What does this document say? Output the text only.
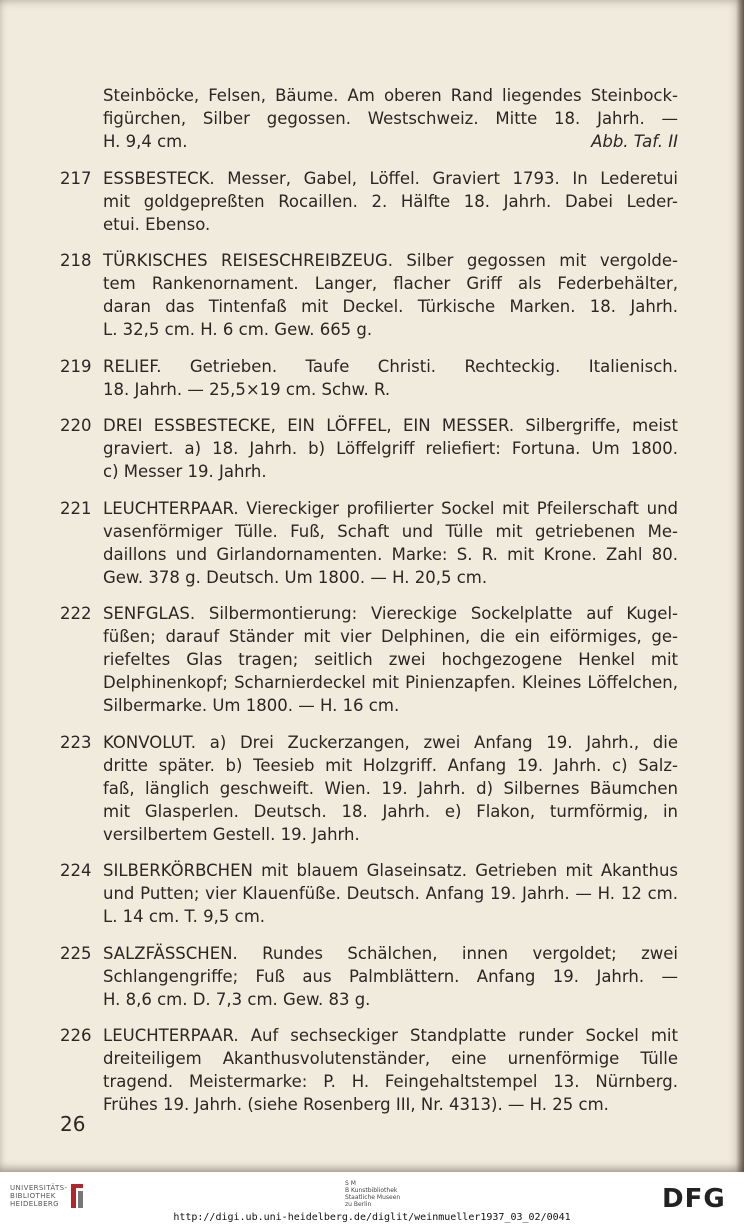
Steinböcke, Felsen, Bäume. Am oberen Rand liegendes Steinbock-
figürchen, Silber gegossen. Westschweiz. Mitte 18. Jahrh. —
H. 9,4 cm.	Abb. Taf. II
217 ESSBESTECK. Messer, Gabel, Löffel. Graviert 1793. In Lederetui
mit goldgepreßten Rocaillen. 2. Hälfte 18. Jahrh. Dabei Leder-
etui. Ebenso.
218 TÜRKISCHES REISESCHREIBZEUG. Silber gegossen mit vergolde-
tem Rankenornament. Langer, flacher Griff als Federbehälter,
daran das Tintenfaß mit Deckel. Türkische Marken. 18. Jahrh.
L. 32,5 cm. H. 6 cm. Gew. 665 g.
219 RELIEF. Getrieben. Taufe Christi. Rechteckig. Italienisch.
18. Jahrh. — 25,5×19 cm. Schw. R.
220 DREI ESSBESTECKE, EIN LÖFFEL, EIN MESSER. Silbergriffe, meist
graviert. a) 18. Jahrh. b) Löffelgriff reliefiert: Fortuna. Um 1800.
c) Messer 19. Jahrh.
221 LEUCHTERPAAR. Viereckiger profilierter Sockel mit Pfeilerschaft und
vasenförmiger Tülle. Fuß, Schaft und Tülle mit getriebenen Me-
daillons und Girlandornamenten. Marke: S. R. mit Krone. Zahl 80.
Gew. 378 g. Deutsch. Um 1800. — H. 20,5 cm.
222 SENFGLAS. Silbermontierung: Viereckige Sockelplatte auf Kugel-
füßen; darauf Ständer mit vier Delphinen, die ein eiförmiges, ge-
riefeltes Glas tragen; seitlich zwei hochgezogene Henkel mit
Delphinenkopf; Scharnierdeckel mit Pinienzapfen. Kleines Löffelchen,
Silbermarke. Um 1800. — H. 16 cm.
223 KONVOLUT. a) Drei Zuckerzangen, zwei Anfang 19. Jahrh., die
dritte später. b) Teesieb mit Holzgriff. Anfang 19. Jahrh. c) Salz-
faß, länglich geschweift. Wien. 19. Jahrh. d) Silbernes Bäumchen
mit Glasperlen. Deutsch. 18. Jahrh. e) Flakon, turmförmig, in
versilbertem Gestell. 19. Jahrh.
224 SILBERKÖRBCHEN mit blauem Glaseinsatz. Getrieben mit Akanthus
und Putten; vier Klauenfüße. Deutsch. Anfang 19. Jahrh. — H. 12 cm.
L. 14 cm. T. 9,5 cm.
225 SALZFÄSSCHEN. Rundes Schälchen, innen vergoldet; zwei
Schlangengriffe; Fuß aus Palmblättern. Anfang 19. Jahrh. —
H. 8,6 cm. D. 7,3 cm. Gew. 83 g.
226 LEUCHTERPAAR. Auf sechseckiger Standplatte runder Sockel mit
dreiteiligem Akanthusvolutenständer, eine urnenförmige Tülle
tragend. Meistermarke: P. H. Feingehaltstempel 13. Nürnberg.
Frühes 19. Jahrh. (siehe Rosenberg III, Nr. 4313). — H. 25 cm.
26
UNIVERSITÄTS-
BIBLIOTHEK
HEIDELBERG
S M
B Kunstbibliothek
Staatliche Museen
zu Berlin	DFG
http://digi.ub.uni-heidelberg.de/diglit/weinmueller1937_03_02/0041
